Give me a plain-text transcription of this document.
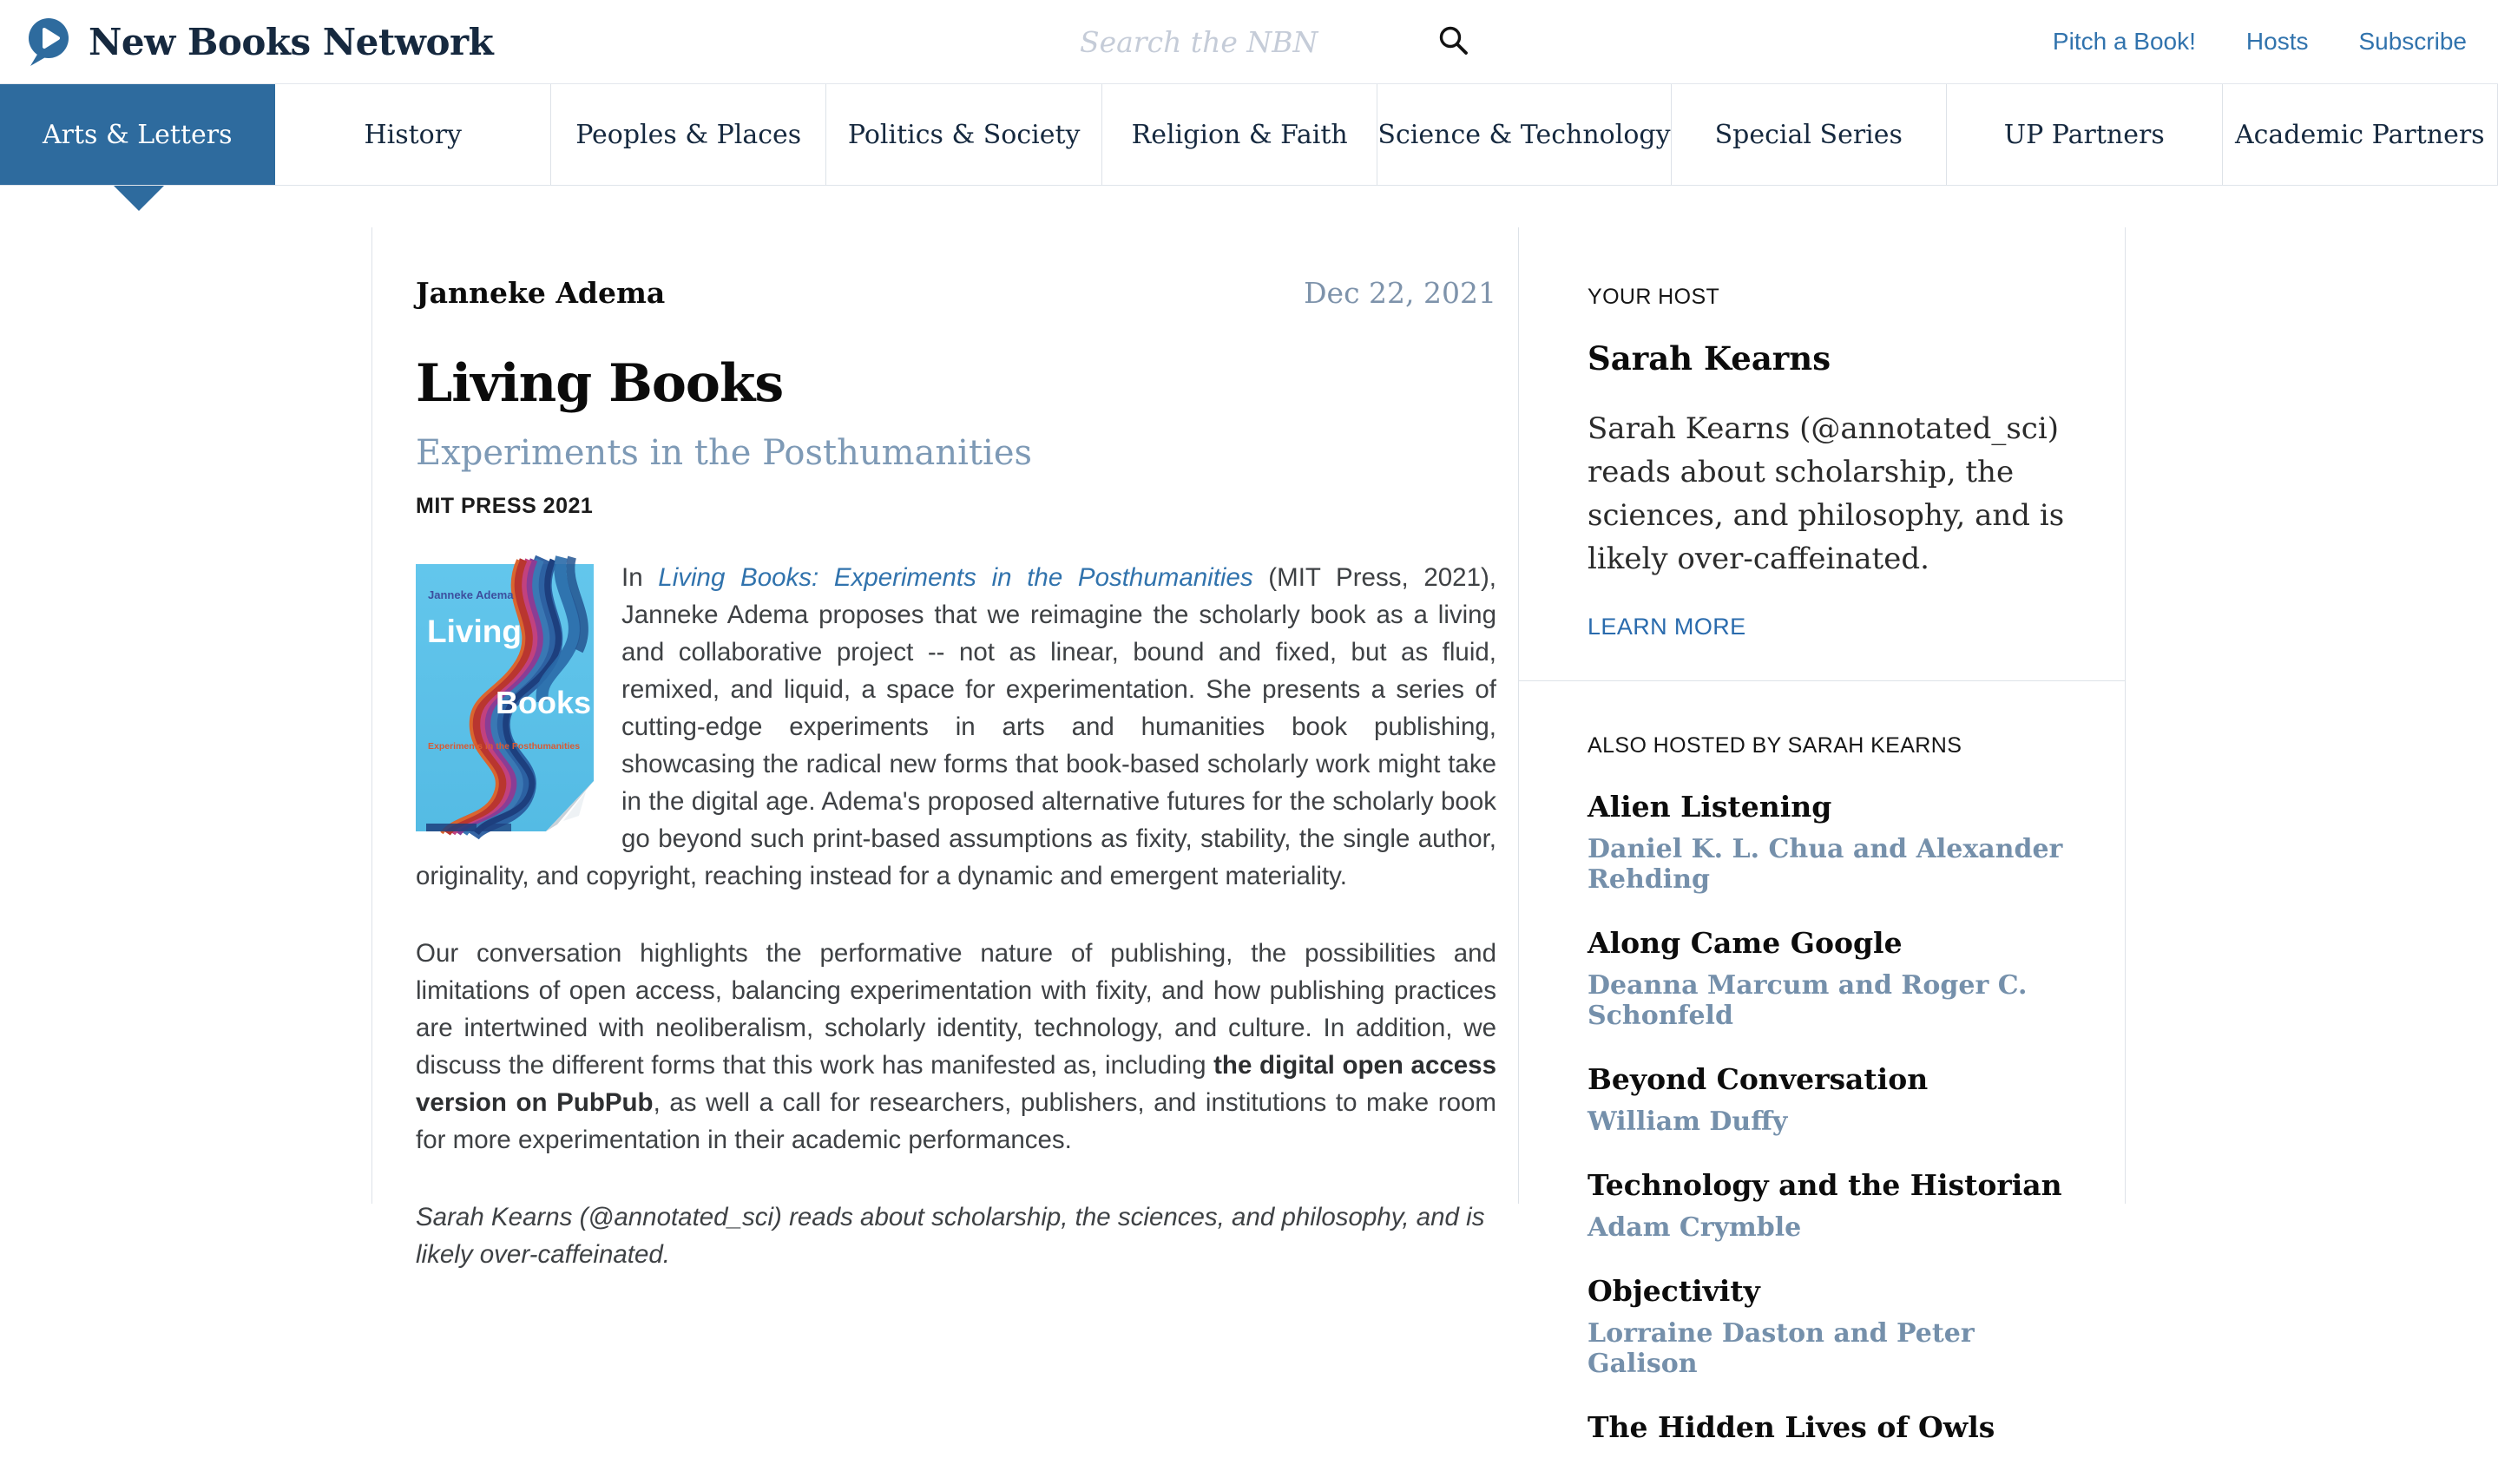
New Books Network
Search the NBN	Pitch a Book! Hosts Subscribe
Arts & Letters	History	Peoples & Places	Politics & Society	Religion & Faith	Science & Technology	Special Series	UP Partners	Academic Partners
Janneke Adema	Dec 22, 2021
Living Books
Experiments in the Posthumanities
MIT PRESS 2021
Living
Janneke Adema
Books
Experiments in the Posthumanities

In Living Books: Experiments in the Posthumanities (MIT Press, 2021), Janneke Adema proposes that we reimagine the scholarly book as a living and collaborative project -- not as linear, bound and fixed, but as fluid, remixed, and liquid, a space for experimentation. She presents a series of cutting-edge experiments in arts and humanities book publishing, showcasing the radical new forms that book-based scholarly work might take in the digital age. Adema's proposed alternative futures for the scholarly book go beyond such print-based assumptions as fixity, stability, the single author, originality, and copyright, reaching instead for a dynamic and emergent materiality.

Our conversation highlights the performative nature of publishing, the possibilities and limitations of open access, balancing experimentation with fixity, and how publishing practices are intertwined with neoliberalism, scholarly identity, technology, and culture. In addition, we discuss the different forms that this work has manifested as, including the digital open access version on PubPub, as well a call for researchers, publishers, and institutions to make room for more experimentation in their academic performances.

Sarah Kearns (@annotated_sci) reads about scholarship, the sciences, and philosophy, and is likely over-caffeinated.

YOUR HOST
Sarah Kearns
Sarah Kearns (@annotated_sci) reads about scholarship, the sciences, and philosophy, and is likely over-caffeinated.
LEARN MORE
ALSO HOSTED BY SARAH KEARNS
Alien Listening
Daniel K. L. Chua and Alexander Rehding
Along Came Google
Deanna Marcum and Roger C. Schonfeld
Beyond Conversation
William Duffy
Technology and the Historian
Adam Crymble
Objectivity
Lorraine Daston and Peter Galison
The Hidden Lives of Owls
